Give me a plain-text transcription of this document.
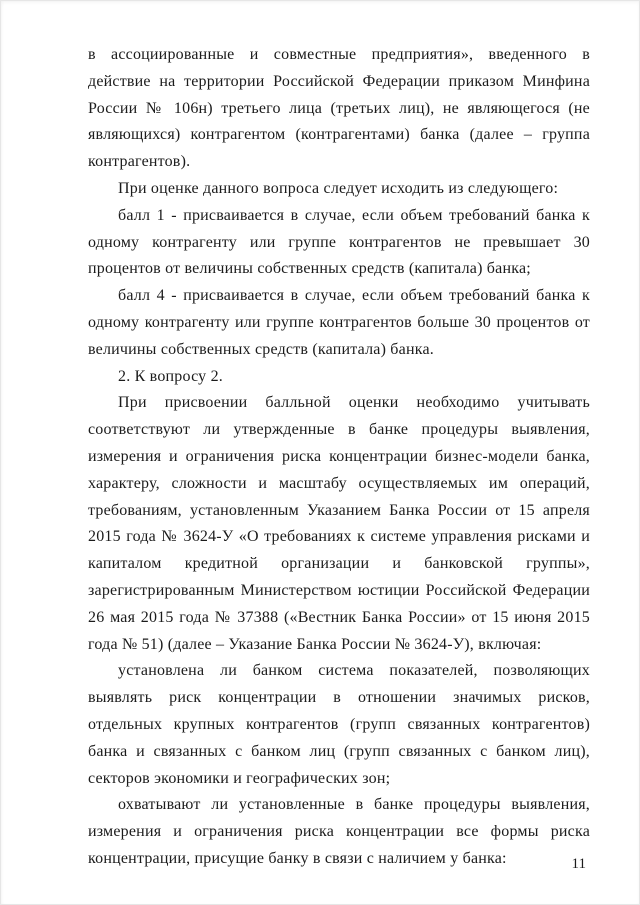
в ассоциированные и совместные предприятия», введенного в действие на территории Российской Федерации приказом Минфина России № 106н) третьего лица (третьих лиц), не являющегося (не являющихся) контрагентом (контрагентами) банка (далее – группа контрагентов).

При оценке данного вопроса следует исходить из следующего:

балл 1 - присваивается в случае, если объем требований банка к одному контрагенту или группе контрагентов не превышает 30 процентов от величины собственных средств (капитала) банка;

балл 4 - присваивается в случае, если объем требований банка к одному контрагенту или группе контрагентов больше 30 процентов от величины собственных средств (капитала) банка.

2. К вопросу 2.

При присвоении балльной оценки необходимо учитывать соответствуют ли утвержденные в банке процедуры выявления, измерения и ограничения риска концентрации бизнес-модели банка, характеру, сложности и масштабу осуществляемых им операций, требованиям, установленным Указанием Банка России от 15 апреля 2015 года № 3624-У «О требованиях к системе управления рисками и капиталом кредитной организации и банковской группы», зарегистрированным Министерством юстиции Российской Федерации 26 мая 2015 года № 37388 («Вестник Банка России» от 15 июня 2015 года № 51) (далее – Указание Банка России № 3624-У), включая:

установлена ли банком система показателей, позволяющих выявлять риск концентрации в отношении значимых рисков, отдельных крупных контрагентов (групп связанных контрагентов) банка и связанных с банком лиц (групп связанных с банком лиц), секторов экономики и географических зон;

охватывают ли установленные в банке процедуры выявления, измерения и ограничения риска концентрации все формы риска концентрации, присущие банку в связи с наличием у банка:	11
